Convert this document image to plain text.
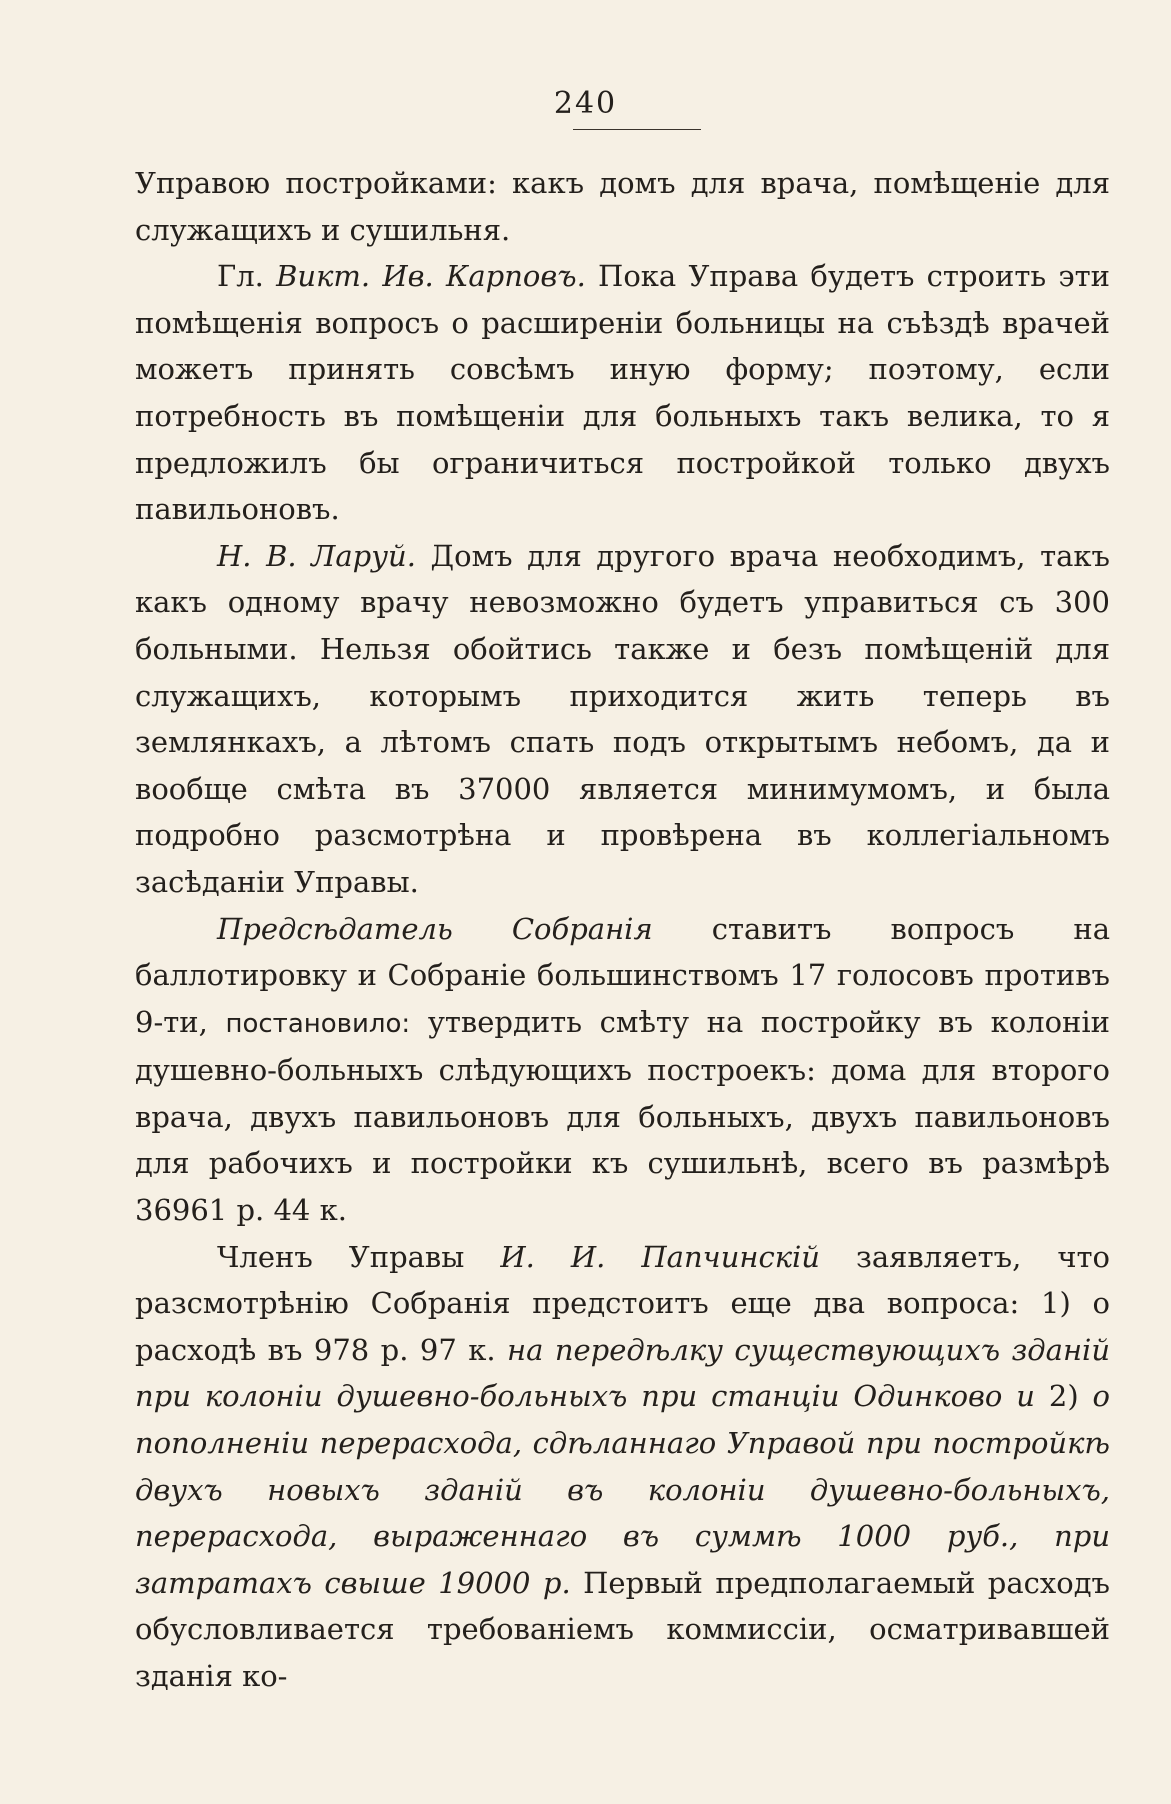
240

Управою постройками: какъ домъ для врача, помѣщеніе для служащихъ и сушильня.

Гл. Викт. Ив. Карповъ. Пока Управа будетъ строить эти помѣщенія вопросъ о расширеніи больницы на съѣздѣ врачей можетъ принять совсѣмъ иную форму; поэтому, если потребность въ помѣщеніи для больныхъ такъ велика, то я предложилъ бы ограничиться постройкой только двухъ павильоновъ.

Н. В. Ларуй. Домъ для другого врача необходимъ, такъ какъ одному врачу невозможно будетъ управиться съ 300 больными. Нельзя обойтись также и безъ помѣщеній для служащихъ, которымъ приходится жить теперь въ землянкахъ, а лѣтомъ спать подъ открытымъ небомъ, да и вообще смѣта въ 37000 является минимумомъ, и была подробно разсмотрѣна и провѣрена въ коллегіальномъ засѣданіи Управы.

Предсѣдатель Собранія ставитъ вопросъ на баллотировку и Собраніе большинствомъ 17 голосовъ противъ 9-ти, постановило: утвердить смѣту на постройку въ колоніи душевно-больныхъ слѣдующихъ построекъ: дома для второго врача, двухъ павильоновъ для больныхъ, двухъ павильоновъ для рабочихъ и постройки къ сушильнѣ, всего въ размѣрѣ 36961 р. 44 к.

Членъ Управы И. И. Папчинскій заявляетъ, что разсмотрѣнію Собранія предстоитъ еще два вопроса: 1) о расходѣ въ 978 р. 97 к. на передѣлку существующихъ зданій при колоніи душевно-больныхъ при станціи Одинково и 2) о пополненіи перерасхода, сдѣланнаго Управой при постройкѣ двухъ новыхъ зданій въ колоніи душевно-больныхъ, перерасхода, выраженнаго въ суммѣ 1000 руб., при затратахъ свыше 19000 р. Первый предполагаемый расходъ обусловливается требованіемъ коммиссіи, осматривавшей зданія ко-
